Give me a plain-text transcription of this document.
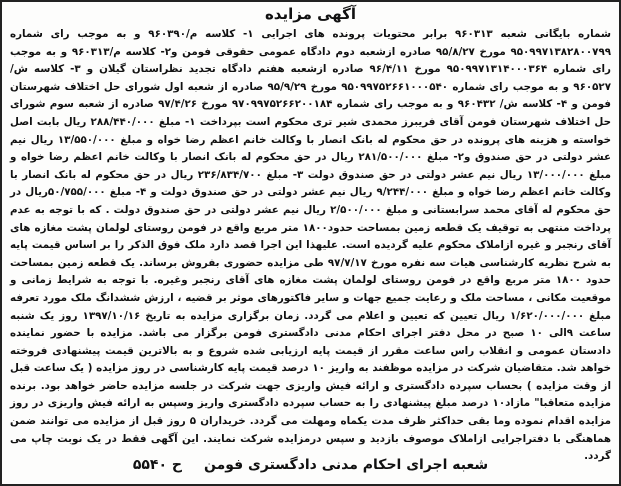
آگهی مزایده

شماره بایگانی شعبه ۹۶۰۳۱۳ برابر محتویات پرونده های اجرایی ۱- کلاسه م/۹۶۰۳۹۰ و به موجب رای شماره ۹۵۰۹۹۷۱۳۸۲۸۰۰۷۹۹ مورخ ۹۵/۸/۲۷ صادره ازشعبه دوم دادگاه عمومی حقوقی فومن و۲- کلاسه م/۹۶۰۳۱۳ و به موجب رای شماره ۹۵۰۹۹۷۱۳۱۴۰۰۰۳۶۴ مورخ ۹۶/۴/۱۱ صادره ازشعبه هفتم دادگاه تجدید نظراستان گیلان و ۳- کلاسه ش/ ۹۶۰۵۲۷ و به موجب رای شماره ۹۵۰۹۹۷۵۲۶۶۱۰۰۰۵۴۰ مورخ ۹۵/۹/۲۹ صادره از شعبه اول شورای حل اختلاف شهرستان فومن و ۴- کلاسه ش/ ۹۶۰۴۳۲ و به موجب رای شماره ۹۷۰۹۹۷۵۲۶۶۲۰۰۱۸۴ مورخ ۹۷/۴/۲۶ صادره از شعبه سوم شورای حل اختلاف شهرستان فومن آقای فریبرز محمدی شیر تری محکوم است بپرداخت ۱- مبلغ ۲۸۸/۴۴۰/۰۰۰ ریال بابت اصل خواسته و هزینه های پرونده در حق محکوم له بانک انصار با وکالت خانم اعظم رضا خواه و مبلغ ۱۳/۵۵۰/۰۰۰ ریال نیم عشر دولتی در حق صندوق و۲- مبلغ ۲۸۱/۵۰۰/۰۰۰ ریال در حق محکوم له بانک انصار با وکالت خانم اعظم رضا خواه و مبلغ ۱۳/۰۰۰/۰۰۰ ریال نیم عشر دولتی در حق صندوق دولت ۳- مبلغ ۲۳۶/۸۳۴/۷۰۰ ریال در حق محکوم له بانک انصار با وکالت خانم اعظم رضا خواه و مبلغ ۹/۲۴۴/۰۰۰ ریال نیم عشر دولتی در حق صندوق دولت و ۴- مبلغ ۵۰/۷۵۵/۰۰۰ریال در حق محکوم له آقای محمد سرابستانی و مبلغ ۲/۵۰۰/۰۰۰ ریال نیم عشر دولتی در حق صندوق دولت . که با توجه به عدم پرداخت منتهی به توقیف یک قطعه زمین بمساحت حدود۱۸۰۰ متر مربع واقع در فومن روستای لولمان پشت مغازه های آقای رنجبر و غیره ازاملاک محکوم علیه گردیده است. علیهذا این اجرا قصد دارد ملک فوق الذکر را بر اساس قیمت پایه به شرح نظریه کارشناسی هیات سه نفره مورخ ۹۷/۷/۱۷ طی مزایده حضوری بفروش برساند. یک قطعه زمین بمساحت حدود ۱۸۰۰ متر مربع واقع در فومن روستای لولمان پشت مغازه های آقای رنجبر وغیره. با توجه به شرایط زمانی و موقعیت مکانی ، مساحت ملک و رعایت جمیع جهات و سایر فاکتورهای موثر بر قضیه ، ارزش ششدانگ ملک مورد تعرفه مبلغ ۱/۶۲۰/۰۰۰/۰۰۰ ریال تعیین که تعیین و اعلام می گردد. زمان برگزاری مزایده به تاریخ ۱۳۹۷/۱۰/۱۶ روز یک شنبه ساعت ۹الی ۱۰ صبح در محل دفتر اجرای احکام مدنی دادگستری فومن برگزار می باشد. مزایده با حضور نماینده دادستان عمومی و انقلاب راس ساعت مقرر از قیمت پایه ارزیابی شده شروع و به بالاترین قیمت پیشنهادی فروخته خواهد شد. متقاضیان شرکت در مزایده موظفند به واریز ۱۰ درصد قیمت پایه کارشناسی در روز مزایده ( یک ساعت قبل از وقت مزایده ) بحساب سپرده دادگستری و ارائه فیش واریزی جهت شرکت در جلسه مزایده حاضر خواهد بود. برنده مزایده متعاقبا" مازاد۱۰ درصد مبلغ پیشنهادی را به حساب سپرده دادگستری واریز وسپس به ارائه فیش واریزی در روز مزایده اقدام نموده وما بقی حداکثر ظرف مدت یکماه ومهلت می گردد. خریداران ۵ روز قبل از مزایده می توانند ضمن هماهنگی با دفتراجرایی ازاملاک موصوف بازدید و سپس درمزایده شرکت نمایند. این آگهی فقط در یک نوبت چاپ می گردد.

شعبه اجرای احکام مدنی دادگستری فومن
ح ۵۵۴۰
